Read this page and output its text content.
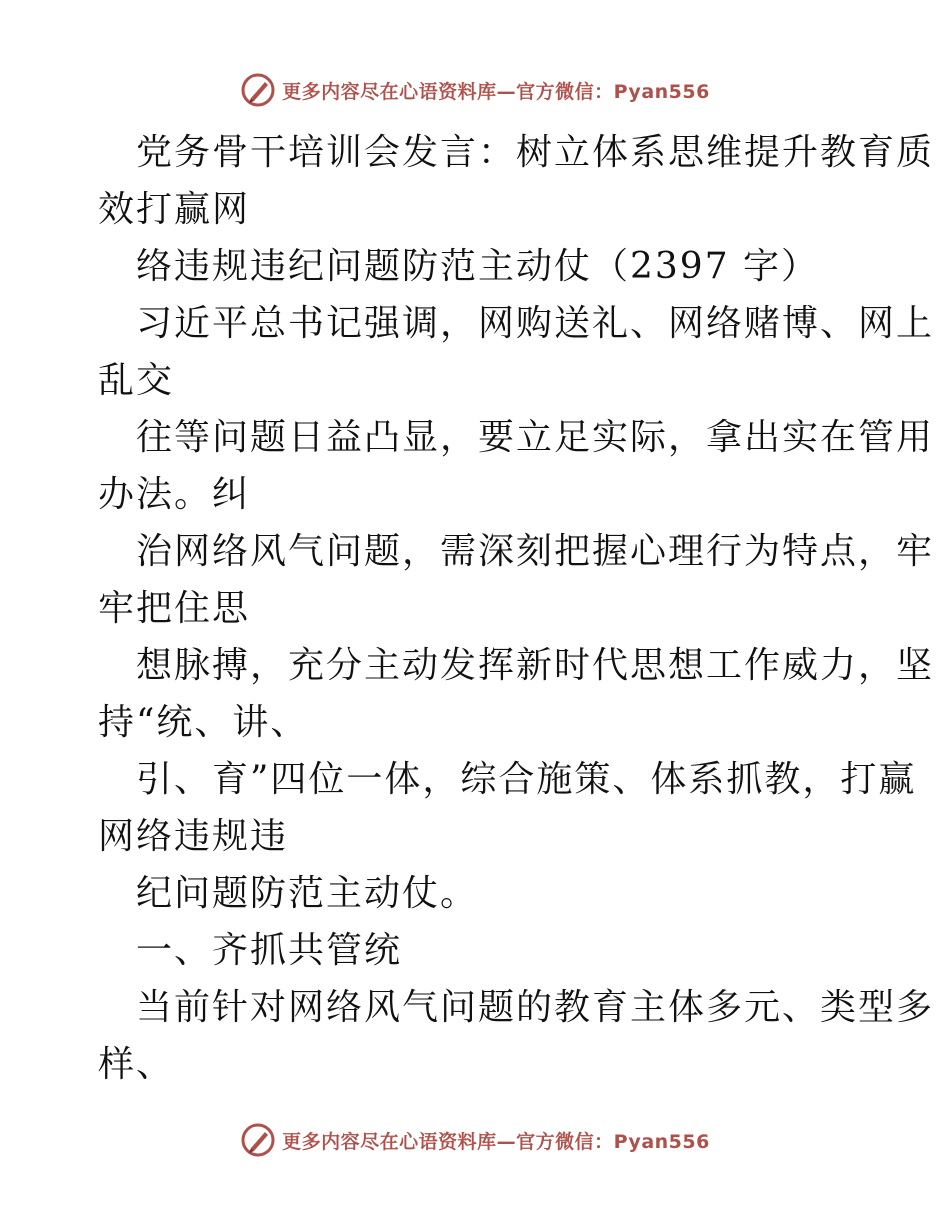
更多内容尽在心语资料库—官方微信：Pyan556
党务骨干培训会发言：树立体系思维提升教育质
效打赢网
络违规违纪问题防范主动仗（2397 字）
习近平总书记强调，网购送礼、网络赌博、网上
乱交
往等问题日益凸显，要立足实际，拿出实在管用
办法。纠
治网络风气问题，需深刻把握心理行为特点，牢
牢把住思
想脉搏，充分主动发挥新时代思想工作威力，坚
持“统、讲、
引、育”四位一体，综合施策、体系抓教，打赢
网络违规违
纪问题防范主动仗。
一、齐抓共管统
当前针对网络风气问题的教育主体多元、类型多
样、
更多内容尽在心语资料库—官方微信：Pyan556
